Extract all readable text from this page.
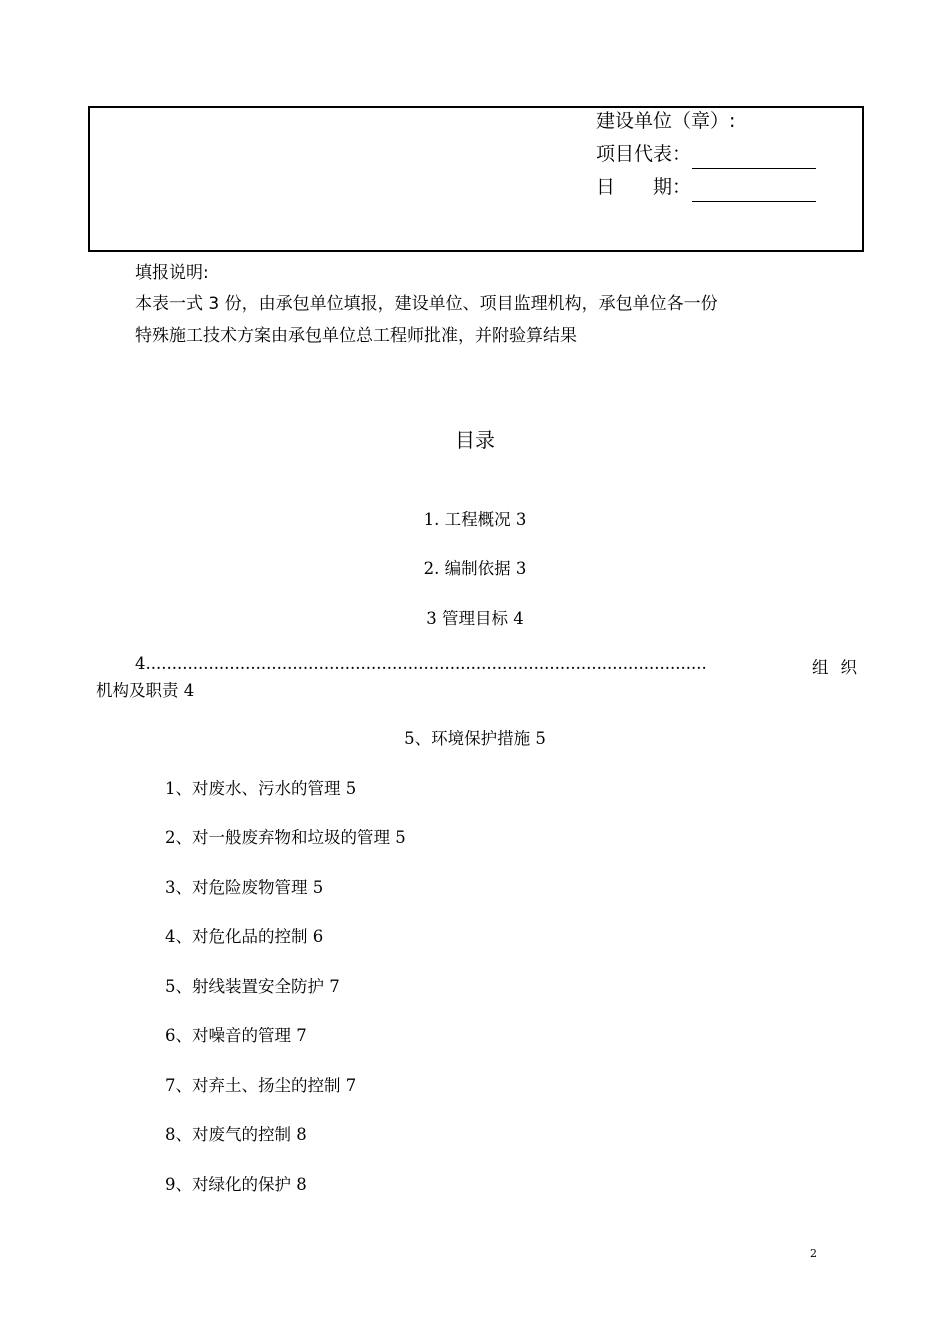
建设单位（章）:
项目代表：
日　　期：
填报说明:
本表一式 3 份，由承包单位填报，建设单位、项目监理机构，承包单位各一份
特殊施工技术方案由承包单位总工程师批准，并附验算结果
目录
1. 工程概况 3
2. 编制依据 3
3 管理目标 4
4. ..........................................................................................................	组织
机构及职责 4
5、环境保护措施 5
1、对废水、污水的管理 5
2、对一般废弃物和垃圾的管理 5
3、对危险废物管理 5
4、对危化品的控制 6
5、射线装置安全防护 7
6、对噪音的管理 7
7、对弃土、扬尘的控制 7
8、对废气的控制 8
9、对绿化的保护 8
2
